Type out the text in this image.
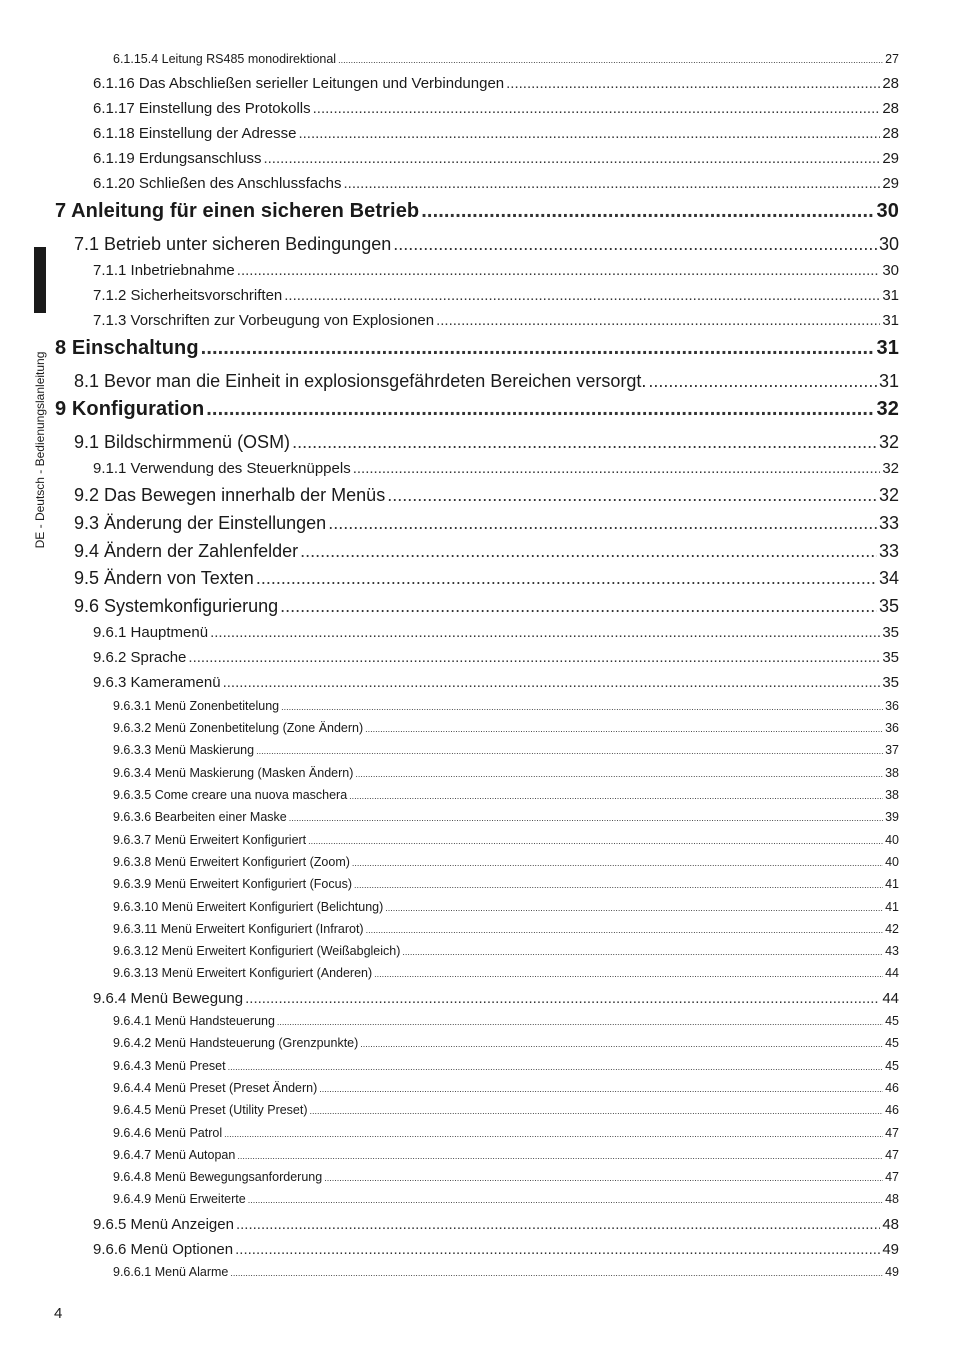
DE - Deutsch - Bedienungslanleitung
6.1.15.4 Leitung RS485 monodirektional .....	27
6.1.16 Das Abschließen serieller Leitungen und Verbindungen .....	28
6.1.17 Einstellung des Protokolls .....	28
6.1.18 Einstellung der Adresse .....	28
6.1.19 Erdungsanschluss .....	29
6.1.20 Schließen des Anschlussfachs .....	29
7 Anleitung für einen sicheren Betrieb .....	30
7.1 Betrieb unter sicheren Bedingungen .....	30
7.1.1 Inbetriebnahme .....	30
7.1.2 Sicherheitsvorschriften .....	31
7.1.3 Vorschriften zur Vorbeugung von Explosionen .....	31
8 Einschaltung .....	31
8.1 Bevor man die Einheit in explosionsgefährdeten Bereichen versorgt. .....	31
9 Konfiguration .....	32
9.1 Bildschirmmenü (OSM) .....	32
9.1.1 Verwendung des Steuerknüppels .....	32
9.2 Das Bewegen innerhalb der Menüs .....	32
9.3 Änderung der Einstellungen .....	33
9.4 Ändern der Zahlenfelder .....	33
9.5 Ändern von Texten .....	34
9.6 Systemkonfigurierung .....	35
9.6.1 Hauptmenü .....	35
9.6.2 Sprache .....	35
9.6.3 Kameramenü .....	35
9.6.3.1 Menü Zonenbetitelung .....	36
9.6.3.2 Menü Zonenbetitelung (Zone Ändern) .....	36
9.6.3.3 Menü Maskierung .....	37
9.6.3.4 Menü Maskierung (Masken Ändern) .....	38
9.6.3.5 Come creare una nuova maschera .....	38
9.6.3.6 Bearbeiten einer Maske .....	39
9.6.3.7 Menü Erweitert Konfiguriert .....	40
9.6.3.8 Menü Erweitert Konfiguriert (Zoom) .....	40
9.6.3.9 Menü Erweitert Konfiguriert (Focus) .....	41
9.6.3.10 Menü Erweitert Konfiguriert (Belichtung) .....	41
9.6.3.11 Menü Erweitert Konfiguriert (Infrarot) .....	42
9.6.3.12 Menü Erweitert Konfiguriert (Weißabgleich) .....	43
9.6.3.13 Menü Erweitert Konfiguriert (Anderen) .....	44
9.6.4 Menü Bewegung .....	44
9.6.4.1 Menü Handsteuerung .....	45
9.6.4.2 Menü Handsteuerung (Grenzpunkte) .....	45
9.6.4.3 Menü Preset .....	45
9.6.4.4 Menü Preset (Preset Ändern) .....	46
9.6.4.5 Menü Preset (Utility Preset) .....	46
9.6.4.6 Menü Patrol .....	47
9.6.4.7 Menü Autopan .....	47
9.6.4.8 Menü Bewegungsanforderung .....	47
9.6.4.9 Menü Erweiterte .....	48
9.6.5 Menü Anzeigen .....	48
9.6.6 Menü Optionen .....	49
9.6.6.1 Menü Alarme .....	49
4
